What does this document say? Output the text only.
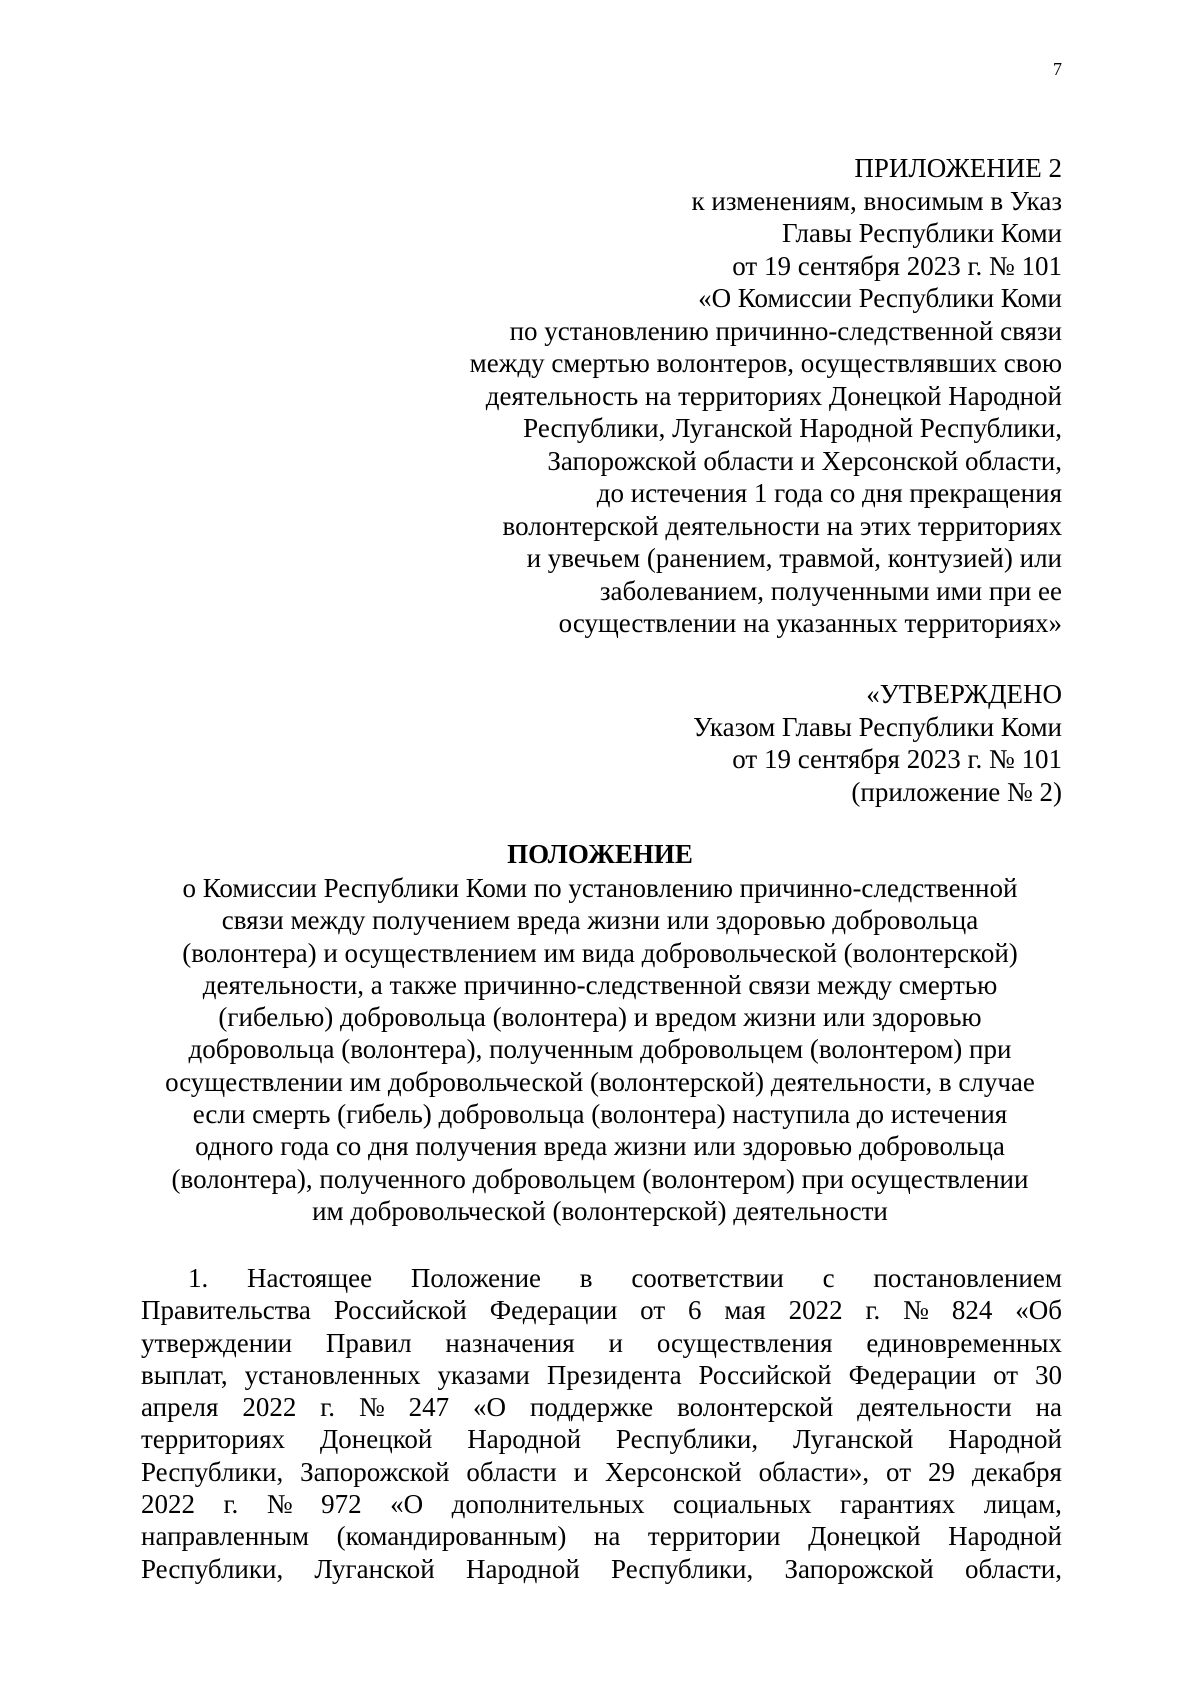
7
ПРИЛОЖЕНИЕ 2
к изменениям, вносимым в Указ
Главы Республики Коми
от 19 сентября 2023 г. № 101
«О Комиссии Республики Коми
по установлению причинно-следственной связи
между смертью волонтеров, осуществлявших свою
деятельность на территориях Донецкой Народной
Республики, Луганской Народной Республики,
Запорожской области и Херсонской области,
до истечения 1 года со дня прекращения
волонтерской деятельности на этих территориях
и увечьем (ранением, травмой, контузией) или
заболеванием, полученными ими при ее
осуществлении на указанных территориях»
«УТВЕРЖДЕНО
Указом Главы Республики Коми
от 19 сентября 2023 г. № 101
(приложение № 2)
ПОЛОЖЕНИЕ
о Комиссии Республики Коми по установлению причинно-следственной
связи между получением вреда жизни или здоровью добровольца
(волонтера) и осуществлением им вида добровольческой (волонтерской)
деятельности, а также причинно-следственной связи между смертью
(гибелью) добровольца (волонтера) и вредом жизни или здоровью
добровольца (волонтера), полученным добровольцем (волонтером) при
осуществлении им добровольческой (волонтерской) деятельности, в случае
если смерть (гибель) добровольца (волонтера) наступила до истечения
одного года со дня получения вреда жизни или здоровью добровольца
(волонтера), полученного добровольцем (волонтером) при осуществлении
им добровольческой (волонтерской) деятельности
1. Настоящее Положение в соответствии с постановлением
Правительства Российской Федерации от 6 мая 2022 г. № 824 «Об
утверждении Правил назначения и осуществления единовременных
выплат, установленных указами Президента Российской Федерации от 30
апреля 2022 г. № 247 «О поддержке волонтерской деятельности на
территориях Донецкой Народной Республики, Луганской Народной
Республики, Запорожской области и Херсонской области», от 29 декабря
2022 г. № 972 «О дополнительных социальных гарантиях лицам,
направленным (командированным) на территории Донецкой Народной
Республики, Луганской Народной Республики, Запорожской области,
